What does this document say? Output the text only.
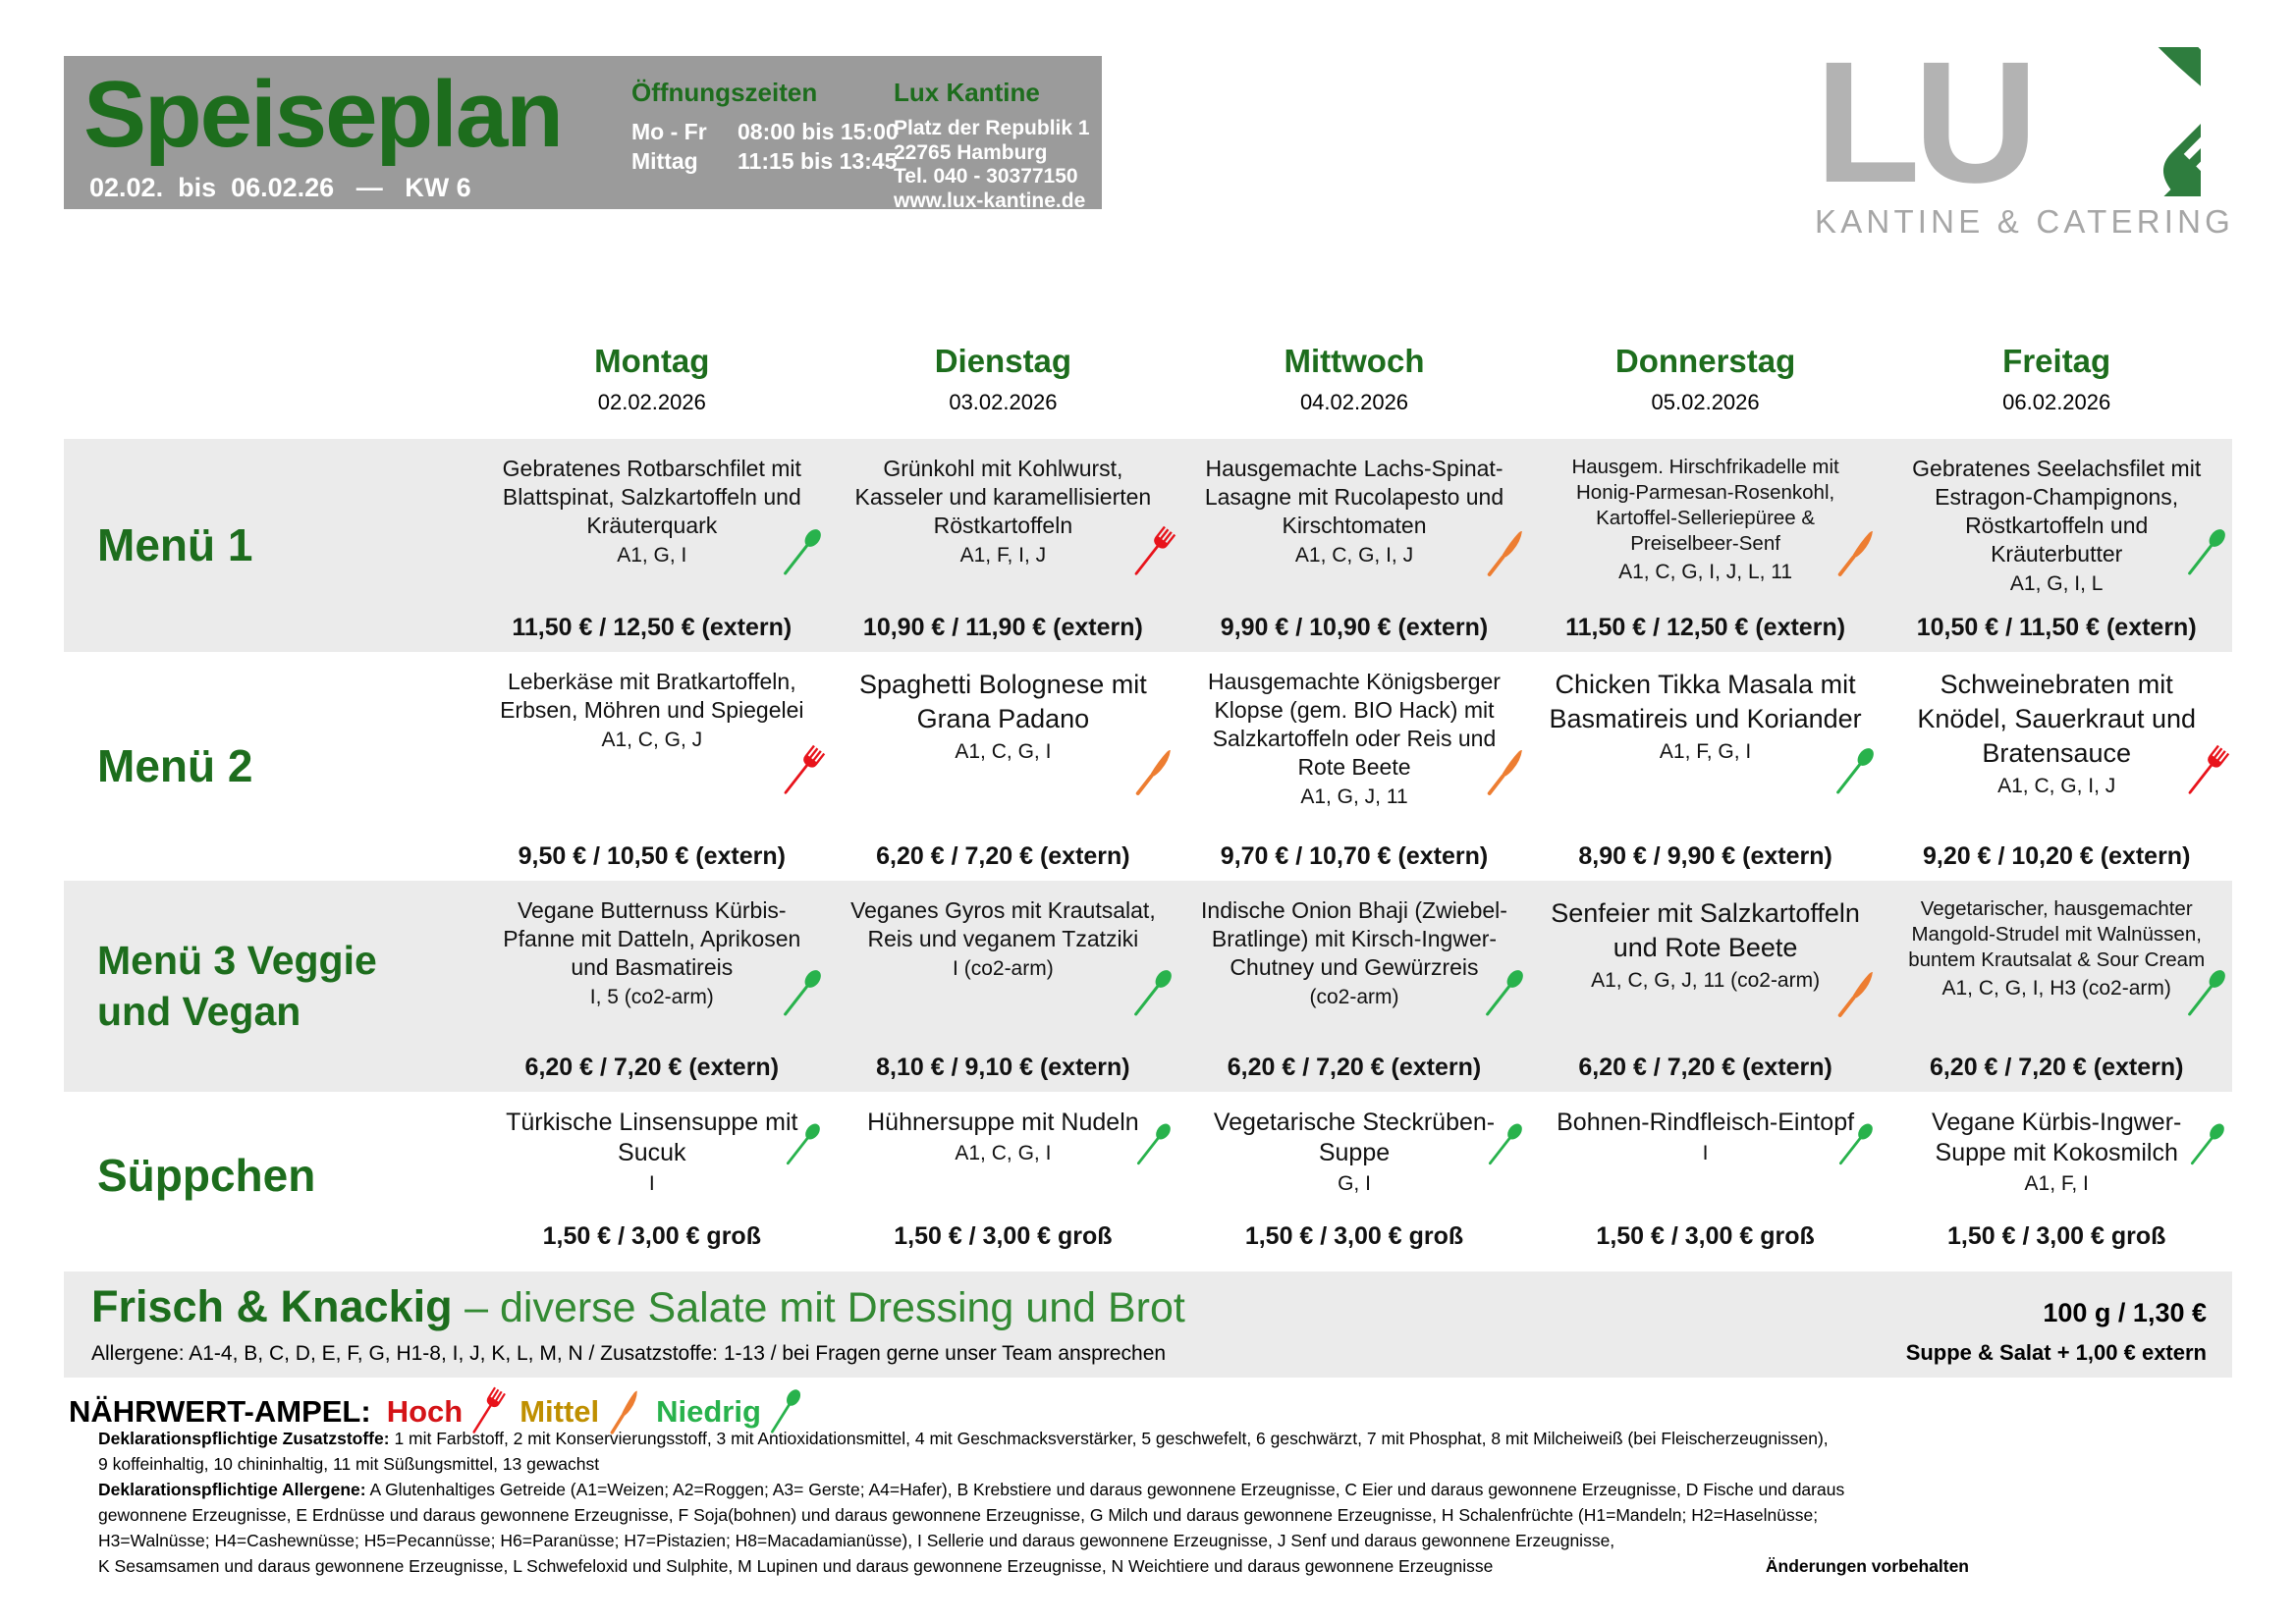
Speiseplan
02.02.  bis  06.02.26   —   KW 6
Öffnungszeiten
Mo - Fr	08:00 bis 15:00
Mittag	11:15 bis 13:45
Lux Kantine
Platz der Republik 1
22765 Hamburg
Tel. 040 - 30377150
www.lux-kantine.de	LU
KANTINE & CATERING
Montag
02.02.2026
Dienstag
03.02.2026
Mittwoch
04.02.2026
Donnerstag
05.02.2026
Freitag
06.02.2026
Menü 1
Gebratenes Rotbarschfilet mit Blattspinat, Salzkartoffeln und Kräuterquark
A1, G, I
11,50 € / 12,50 € (extern)
Grünkohl mit Kohlwurst, Kasseler und karamellisierten Röstkartoffeln
A1, F, I, J
10,90 € / 11,90 € (extern)
Hausgemachte Lachs-Spinat-Lasagne mit Rucolapesto und Kirschtomaten
A1, C, G, I, J
9,90 € / 10,90 € (extern)
Hausgem. Hirschfrikadelle mit Honig-Parmesan-Rosenkohl, Kartoffel-Selleriepüree & Preiselbeer-Senf
A1, C, G, I, J, L, 11
11,50 € / 12,50 € (extern)
Gebratenes Seelachsfilet mit Estragon-Champignons, Röstkartoffeln und Kräuterbutter
A1, G, I, L
10,50 € / 11,50 € (extern)
Menü 2
Leberkäse mit Bratkartoffeln, Erbsen, Möhren und Spiegelei
A1, C, G, J
9,50 € / 10,50 € (extern)
Spaghetti Bolognese mit Grana Padano
A1, C, G, I
6,20 € / 7,20 € (extern)
Hausgemachte Königsberger Klopse (gem. BIO Hack) mit Salzkartoffeln oder Reis und Rote Beete
A1, G, J, 11
9,70 € / 10,70 € (extern)
Chicken Tikka Masala mit Basmatireis und Koriander
A1, F, G, I
8,90 € / 9,90 € (extern)
Schweinebraten mit Knödel, Sauerkraut und Bratensauce
A1, C, G, I, J
9,20 € / 10,20 € (extern)
Menü 3 Veggie und Vegan
Vegane Butternuss Kürbis-Pfanne mit Datteln, Aprikosen und Basmatireis
I, 5 (co2-arm)
6,20 € / 7,20 € (extern)
Veganes Gyros mit Krautsalat, Reis und veganem Tzatziki
I (co2-arm)
8,10 € / 9,10 € (extern)
Indische Onion Bhaji (Zwiebel-Bratlinge) mit Kirsch-Ingwer-Chutney und Gewürzreis
(co2-arm)
6,20 € / 7,20 € (extern)
Senfeier mit Salzkartoffeln und Rote Beete
A1, C, G, J, 11 (co2-arm)
6,20 € / 7,20 € (extern)
Vegetarischer, hausgemachter Mangold-Strudel mit Walnüssen, buntem Krautsalat & Sour Cream
A1, C, G, I, H3 (co2-arm)
6,20 € / 7,20 € (extern)
Süppchen
Türkische Linsensuppe mit Sucuk
I
1,50 € / 3,00 € groß
Hühnersuppe mit Nudeln
A1, C, G, I
1,50 € / 3,00 € groß
Vegetarische Steckrüben-Suppe
G, I
1,50 € / 3,00 € groß
Bohnen-Rindfleisch-Eintopf
I
1,50 € / 3,00 € groß
Vegane Kürbis-Ingwer-Suppe mit Kokosmilch
A1, F, I
1,50 € / 3,00 € groß
Frisch & Knackig – diverse Salate mit Dressing und Brot	100 g / 1,30 €
Allergene: A1-4, B, C, D, E, F, G, H1-8, I, J, K, L, M, N / Zusatzstoffe: 1-13 / bei Fragen gerne unser Team ansprechen	Suppe & Salat + 1,00 € extern
NÄHRWERT-AMPEL: Hoch Mittel Niedrig

Deklarationspflichtige Zusatzstoffe: 1 mit Farbstoff, 2 mit Konservierungsstoff, 3 mit Antioxidationsmittel, 4 mit Geschmacksverstärker, 5 geschwefelt, 6 geschwärzt, 7 mit Phosphat, 8 mit Milcheiweiß (bei Fleischerzeugnissen),

9 koffeinhaltig, 10 chininhaltig, 11 mit Süßungsmittel, 13 gewachst

Deklarationspflichtige Allergene: A Glutenhaltiges Getreide (A1=Weizen; A2=Roggen; A3= Gerste; A4=Hafer), B Krebstiere und daraus gewonnene Erzeugnisse, C Eier und daraus gewonnene Erzeugnisse, D Fische und daraus

gewonnene Erzeugnisse, E Erdnüsse und daraus gewonnene Erzeugnisse, F Soja(bohnen) und daraus gewonnene Erzeugnisse, G Milch und daraus gewonnene Erzeugnisse, H Schalenfrüchte (H1=Mandeln; H2=Haselnüsse;

H3=Walnüsse; H4=Cashewnüsse; H5=Pecannüsse; H6=Paranüsse; H7=Pistazien; H8=Macadamianüsse), I Sellerie und daraus gewonnene Erzeugnisse, J Senf und daraus gewonnene Erzeugnisse,

K Sesamsamen und daraus gewonnene Erzeugnisse, L Schwefeloxid und Sulphite, M Lupinen und daraus gewonnene Erzeugnisse, N Weichtiere und daraus gewonnene Erzeugnisse	Änderungen vorbehalten
